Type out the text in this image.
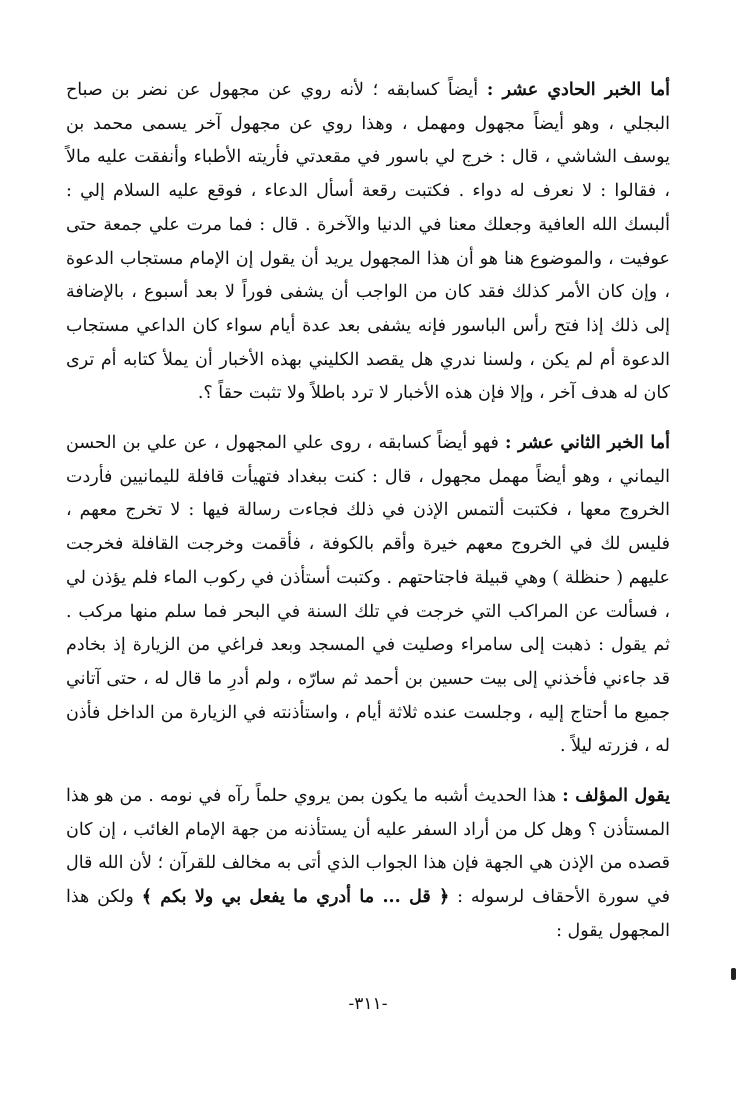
أما الخبر الحادي عشر : أيضاً كسابقه ؛ لأنه روي عن مجهول عن نضر بن صباح البجلي ، وهو أيضاً مجهول ومهمل ، وهذا روي عن مجهول آخر يسمى محمد بن يوسف الشاشي ، قال : خرج لي باسور في مقعدتي فأريته الأطباء وأنفقت عليه مالاً ، فقالوا : لا نعرف له دواء . فكتبت رقعة أسأل الدعاء ، فوقع عليه السلام إلي : ألبسك الله العافية وجعلك معنا في الدنيا والآخرة . قال : فما مرت علي جمعة حتى عوفيت ، والموضوع هنا هو أن هذا المجهول يريد أن يقول إن الإمام مستجاب الدعوة ، وإن كان الأمر كذلك فقد كان من الواجب أن يشفى فوراً لا بعد أسبوع ، بالإضافة إلى ذلك إذا فتح رأس الباسور فإنه يشفى بعد عدة أيام سواء كان الداعي مستجاب الدعوة أم لم يكن ، ولسنا ندري هل يقصد الكليني بهذه الأخبار أن يملأ كتابه أم ترى كان له هدف آخر ، وإلا فإن هذه الأخبار لا ترد باطلاً ولا تثبت حقاً ؟.

أما الخبر الثاني عشر : فهو أيضاً كسابقه ، روى علي المجهول ، عن علي بن الحسن اليماني ، وهو أيضاً مهمل مجهول ، قال : كنت ببغداد فتهيأت قافلة لليمانيين فأردت الخروج معها ، فكتبت ألتمس الإذن في ذلك فجاءت رسالة فيها : لا تخرج معهم ، فليس لك في الخروج معهم خيرة وأقم بالكوفة ، فأقمت وخرجت القافلة فخرجت عليهم ( حنظلة ) وهي قبيلة فاجتاحتهم . وكتبت أستأذن في ركوب الماء فلم يؤذن لي ، فسألت عن المراكب التي خرجت في تلك السنة في البحر فما سلم منها مركب . ثم يقول : ذهبت إلى سامراء وصليت في المسجد وبعد فراغي من الزيارة إذ بخادم قد جاءني فأخذني إلى بيت حسين بن أحمد ثم سارّه ، ولم أدرِ ما قال له ، حتى آتاني جميع ما أحتاج إليه ، وجلست عنده ثلاثة أيام ، واستأذنته في الزيارة من الداخل فأذن له ، فزرته ليلاً .

يقول المؤلف : هذا الحديث أشبه ما يكون بمن يروي حلماً رآه في نومه . من هو هذا المستأذن ؟ وهل كل من أراد السفر عليه أن يستأذنه من جهة الإمام الغائب ، إن كان قصده من الإذن هي الجهة فإن هذا الجواب الذي أتى به مخالف للقرآن ؛ لأن الله قال في سورة الأحقاف لرسوله : ﴿ قل ... ما أدري ما يفعل بي ولا بكم ﴾ ولكن هذا المجهول يقول :

-٣١١-
